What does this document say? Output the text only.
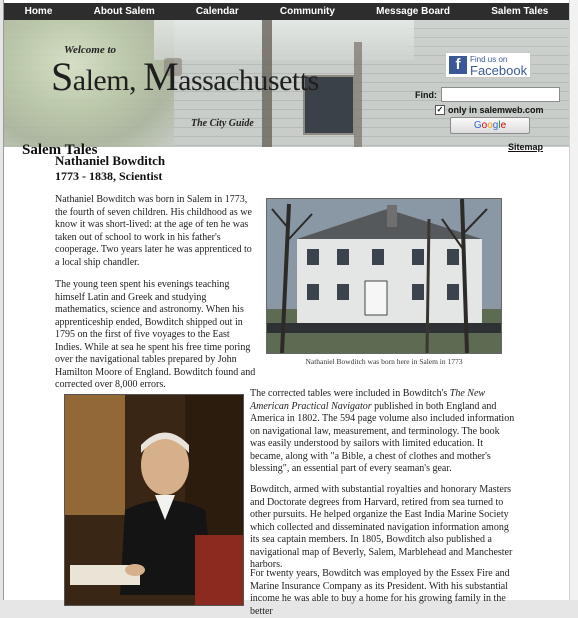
Home	About Salem	Calendar	Community	Message Board	Salem Tales
Welcome to
Salem, Massachusetts
The City Guide
Salem Tales	Sitemap
f	Find us on
Facebook
Find:
✓ only in salemweb.com
Google
Nathaniel Bowditch
1773 - 1838, Scientist

Nathaniel Bowditch was born in Salem in 1773, the fourth of seven children. His childhood as we know it was short-lived: at the age of ten he was taken out of school to work in his father's cooperage. Two years later he was apprenticed to a local ship chandler.

The young teen spent his evenings teaching himself Latin and Greek and studying mathematics, science and astronomy. When his apprenticeship ended, Bowditch shipped out in 1795 on the first of five voyages to the East Indies. While at sea he spent his free time poring over the navigational tables prepared by John Hamilton Moore of England. Bowditch found and corrected over 8,000 errors.

Nathaniel Bowditch was born here in Salem in 1773

The corrected tables were included in Bowditch's The New American Practical Navigator published in both England and America in 1802. The 594 page volume also included information on navigational law, measurement, and terminology. The book was easily understood by sailors with limited education. It became, along with "a Bible, a chest of clothes and mother's blessing", an essential part of every seaman's gear.

Bowditch, armed with substantial royalties and honorary Masters and Doctorate degrees from Harvard, retired from sea turned to other pursuits. He helped organize the East India Marine Society which collected and disseminated navigation information among its sea captain members. In 1805, Bowditch also published a navigational map of Beverly, Salem, Marblehead and Manchester harbors.

For twenty years, Bowditch was employed by the Essex Fire and Marine Insurance Company as its President. With his substantial income he was able to buy a home for his growing family in the better
